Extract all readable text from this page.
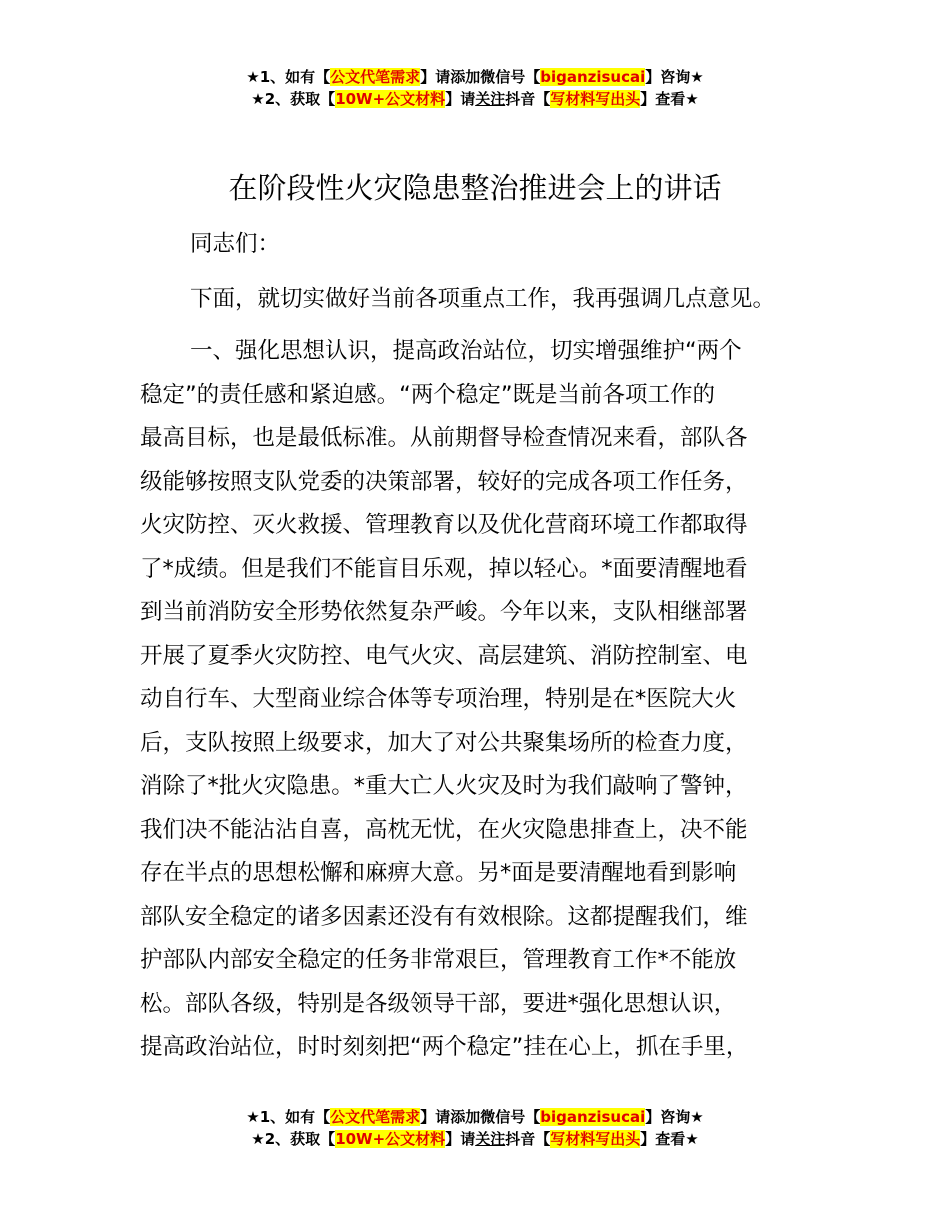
★1、如有【公文代笔需求】请添加微信号【biganzisucai】咨询★
★2、获取【10W+公文材料】请关注抖音【写材料写出头】查看★
在阶段性火灾隐患整治推进会上的讲话
同志们：
下面，就切实做好当前各项重点工作，我再强调几点意见。
一、强化思想认识，提高政治站位，切实增强维护“两个
稳定”的责任感和紧迫感。“两个稳定”既是当前各项工作的
最高目标，也是最低标准。从前期督导检查情况来看，部队各
级能够按照支队党委的决策部署，较好的完成各项工作任务，
火灾防控、灭火救援、管理教育以及优化营商环境工作都取得
了*成绩。但是我们不能盲目乐观，掉以轻心。*面要清醒地看
到当前消防安全形势依然复杂严峻。今年以来，支队相继部署
开展了夏季火灾防控、电气火灾、高层建筑、消防控制室、电
动自行车、大型商业综合体等专项治理，特别是在*医院大火
后，支队按照上级要求，加大了对公共聚集场所的检查力度，
消除了*批火灾隐患。*重大亡人火灾及时为我们敲响了警钟，
我们决不能沾沾自喜，高枕无忧，在火灾隐患排查上，决不能
存在半点的思想松懈和麻痹大意。另*面是要清醒地看到影响
部队安全稳定的诸多因素还没有有效根除。这都提醒我们，维
护部队内部安全稳定的任务非常艰巨，管理教育工作*不能放
松。部队各级，特别是各级领导干部，要进*强化思想认识，
提高政治站位，时时刻刻把“两个稳定”挂在心上，抓在手里，
★1、如有【公文代笔需求】请添加微信号【biganzisucai】咨询★
★2、获取【10W+公文材料】请关注抖音【写材料写出头】查看★
